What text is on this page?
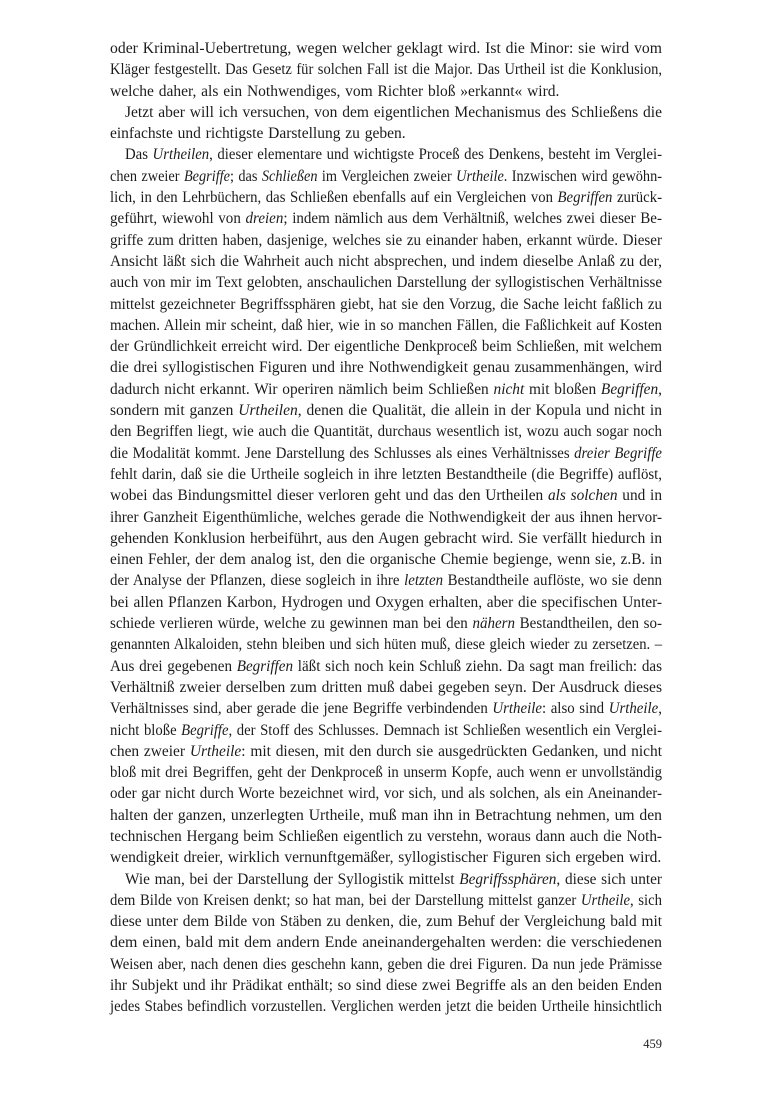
oder Kriminal-Uebertretung, wegen welcher geklagt wird. Ist die Minor: sie wird vom
Kläger festgestellt. Das Gesetz für solchen Fall ist die Major. Das Urtheil ist die Konklusion,
welche daher, als ein Nothwendiges, vom Richter bloß »erkannt« wird.
Jetzt aber will ich versuchen, von dem eigentlichen Mechanismus des Schließens die
einfachste und richtigste Darstellung zu geben.
Das Urtheilen, dieser elementare und wichtigste Proceß des Denkens, besteht im Verglei-
chen zweier Begriffe; das Schließen im Vergleichen zweier Urtheile. Inzwischen wird gewöhn-
lich, in den Lehrbüchern, das Schließen ebenfalls auf ein Vergleichen von Begriffen zurück-
geführt, wiewohl von dreien; indem nämlich aus dem Verhältniß, welches zwei dieser Be-
griffe zum dritten haben, dasjenige, welches sie zu einander haben, erkannt würde. Dieser
Ansicht läßt sich die Wahrheit auch nicht absprechen, und indem dieselbe Anlaß zu der,
auch von mir im Text gelobten, anschaulichen Darstellung der syllogistischen Verhältnisse
mittelst gezeichneter Begriffssphären giebt, hat sie den Vorzug, die Sache leicht faßlich zu
machen. Allein mir scheint, daß hier, wie in so manchen Fällen, die Faßlichkeit auf Kosten
der Gründlichkeit erreicht wird. Der eigentliche Denkproceß beim Schließen, mit welchem
die drei syllogistischen Figuren und ihre Nothwendigkeit genau zusammenhängen, wird
dadurch nicht erkannt. Wir operiren nämlich beim Schließen nicht mit bloßen Begriffen,
sondern mit ganzen Urtheilen, denen die Qualität, die allein in der Kopula und nicht in
den Begriffen liegt, wie auch die Quantität, durchaus wesentlich ist, wozu auch sogar noch
die Modalität kommt. Jene Darstellung des Schlusses als eines Verhältnisses dreier Begriffe
fehlt darin, daß sie die Urtheile sogleich in ihre letzten Bestandtheile (die Begriffe) auflöst,
wobei das Bindungsmittel dieser verloren geht und das den Urtheilen als solchen und in
ihrer Ganzheit Eigenthümliche, welches gerade die Nothwendigkeit der aus ihnen hervor-
gehenden Konklusion herbeiführt, aus den Augen gebracht wird. Sie verfällt hiedurch in
einen Fehler, der dem analog ist, den die organische Chemie begienge, wenn sie, z.B. in
der Analyse der Pflanzen, diese sogleich in ihre letzten Bestandtheile auflöste, wo sie denn
bei allen Pflanzen Karbon, Hydrogen und Oxygen erhalten, aber die specifischen Unter-
schiede verlieren würde, welche zu gewinnen man bei den nähern Bestandtheilen, den so-
genannten Alkaloiden, stehn bleiben und sich hüten muß, diese gleich wieder zu zersetzen. –
Aus drei gegebenen Begriffen läßt sich noch kein Schluß ziehn. Da sagt man freilich: das
Verhältniß zweier derselben zum dritten muß dabei gegeben seyn. Der Ausdruck dieses
Verhältnisses sind, aber gerade die jene Begriffe verbindenden Urtheile: also sind Urtheile,
nicht bloße Begriffe, der Stoff des Schlusses. Demnach ist Schließen wesentlich ein Verglei-
chen zweier Urtheile: mit diesen, mit den durch sie ausgedrückten Gedanken, und nicht
bloß mit drei Begriffen, geht der Denkproceß in unserm Kopfe, auch wenn er unvollständig
oder gar nicht durch Worte bezeichnet wird, vor sich, und als solchen, als ein Aneinander-
halten der ganzen, unzerlegten Urtheile, muß man ihn in Betrachtung nehmen, um den
technischen Hergang beim Schließen eigentlich zu verstehn, woraus dann auch die Noth-
wendigkeit dreier, wirklich vernunftgemäßer, syllogistischer Figuren sich ergeben wird.
Wie man, bei der Darstellung der Syllogistik mittelst Begriffssphären, diese sich unter
dem Bilde von Kreisen denkt; so hat man, bei der Darstellung mittelst ganzer Urtheile, sich
diese unter dem Bilde von Stäben zu denken, die, zum Behuf der Vergleichung bald mit
dem einen, bald mit dem andern Ende aneinandergehalten werden: die verschiedenen
Weisen aber, nach denen dies geschehn kann, geben die drei Figuren. Da nun jede Prämisse
ihr Subjekt und ihr Prädikat enthält; so sind diese zwei Begriffe als an den beiden Enden
jedes Stabes befindlich vorzustellen. Verglichen werden jetzt die beiden Urtheile hinsichtlich
459
